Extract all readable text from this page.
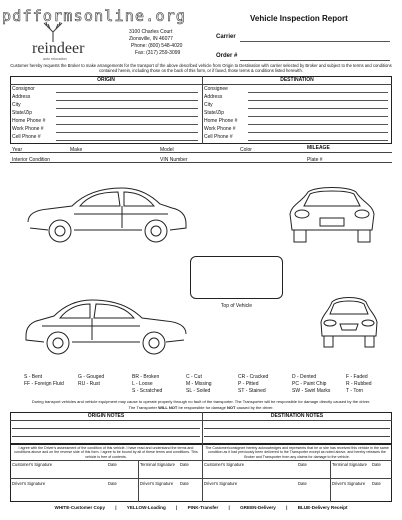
pdfformsonline.org
3100 Charles Court
Zionsville, IN 46077
Phone: (800) 548-4020
Fax: (317) 259-3099
reindeer
auto relocation
Vehicle Inspection Report
Carrier
Order #
Customer hereby requests the Broker to make arrangements for the transport of the above described vehicle from Origin to Destination with carrier selected by Broker and subject to the terms and conditions contained herein, including those on the back of this form, or if faxed, those terms & conditions listed herewith.
ORIGIN	DESTINATION
Consignor
Address
City
State/Zip
Home Phone #
Work Phone #
Cell Phone #
Consignee
Address
City
State/Zip
Home Phone #
Work Phone #
Cell Phone #
Year	Make	Model	Color	MILEAGE
Interior Condition	VIN Number	Plate #
Top of Vehicle
S - Bent	G - Gouged	BR - Broken	C - Cut	CR - Cracked	D - Dented	F - Faded
FF - Foreign Fluid	RU - Rust	L - Loose	M - Missing	P - Pitted	PC - Paint Chip	R - Rubbed
S - Scratched	SL - Soiled	ST - Stained	SW - Swirl Marks	T - Torn
During transport vehicles and vehicle equipment may cause to operate properly through no fault of the transporter. The Transporter will be responsible for damage directly caused by the driver.
The Transporter WILL NOT be responsible for damage NOT caused by the driver.
ORIGIN NOTES	DESTINATION NOTES
I agree with the Driver's assessment of the condition of this vehicle. I have read and understand the terms and conditions above and on the reverse side of this form. I agree to be bound by all of these terms and conditions. This vehicle is free of contents.
The Customer/consignee hereby acknowledges and represents that he or she has received this vehicle in the same condition as it had previously been delivered to the Transporter except as noted above, and hereby releases the Broker and Transporter from any claims for damage to the vehicle.
Customer's Signature	Date	Terminal Signature Date	Customer's Signature	Date	Terminal Signature Date
Driver's Signature	Date	Driver's Signature Date	Driver's Signature	Date	Driver's Signature Date
WHITE-Customer Copy | YELLOW-Loading | PINK-Transfer | GREEN-Delivery | BLUE-Delivery Receipt
